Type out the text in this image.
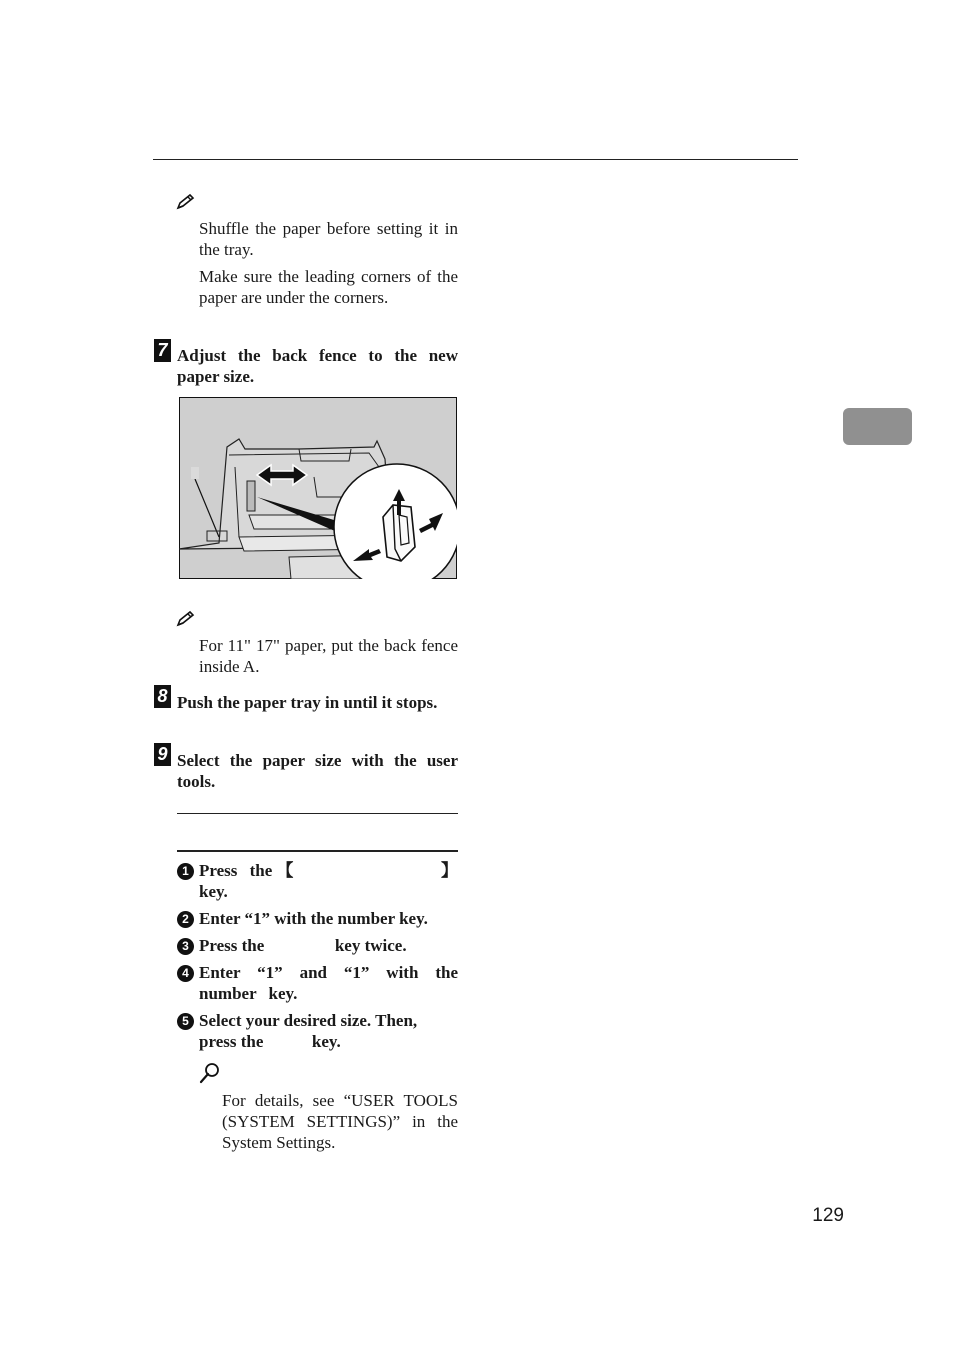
Shuffle the paper before setting it in the tray.

Make sure the leading corners of the paper are under the corners.

7 Adjust the back fence to the new paper size.
For 11" 17" paper, put the back fence inside A.
8 Push the paper tray in until it stops.
9 Select the paper size with the user tools.
1 Press the 【	】
key.
2 Enter “1” with the number key.
3 Press the	key twice.
4 Enter “1” and “1” with the number key.
5 Select your desired size. Then, press the	key.
For details, see “USER TOOLS (SYSTEM SETTINGS)” in the System Settings.
129
